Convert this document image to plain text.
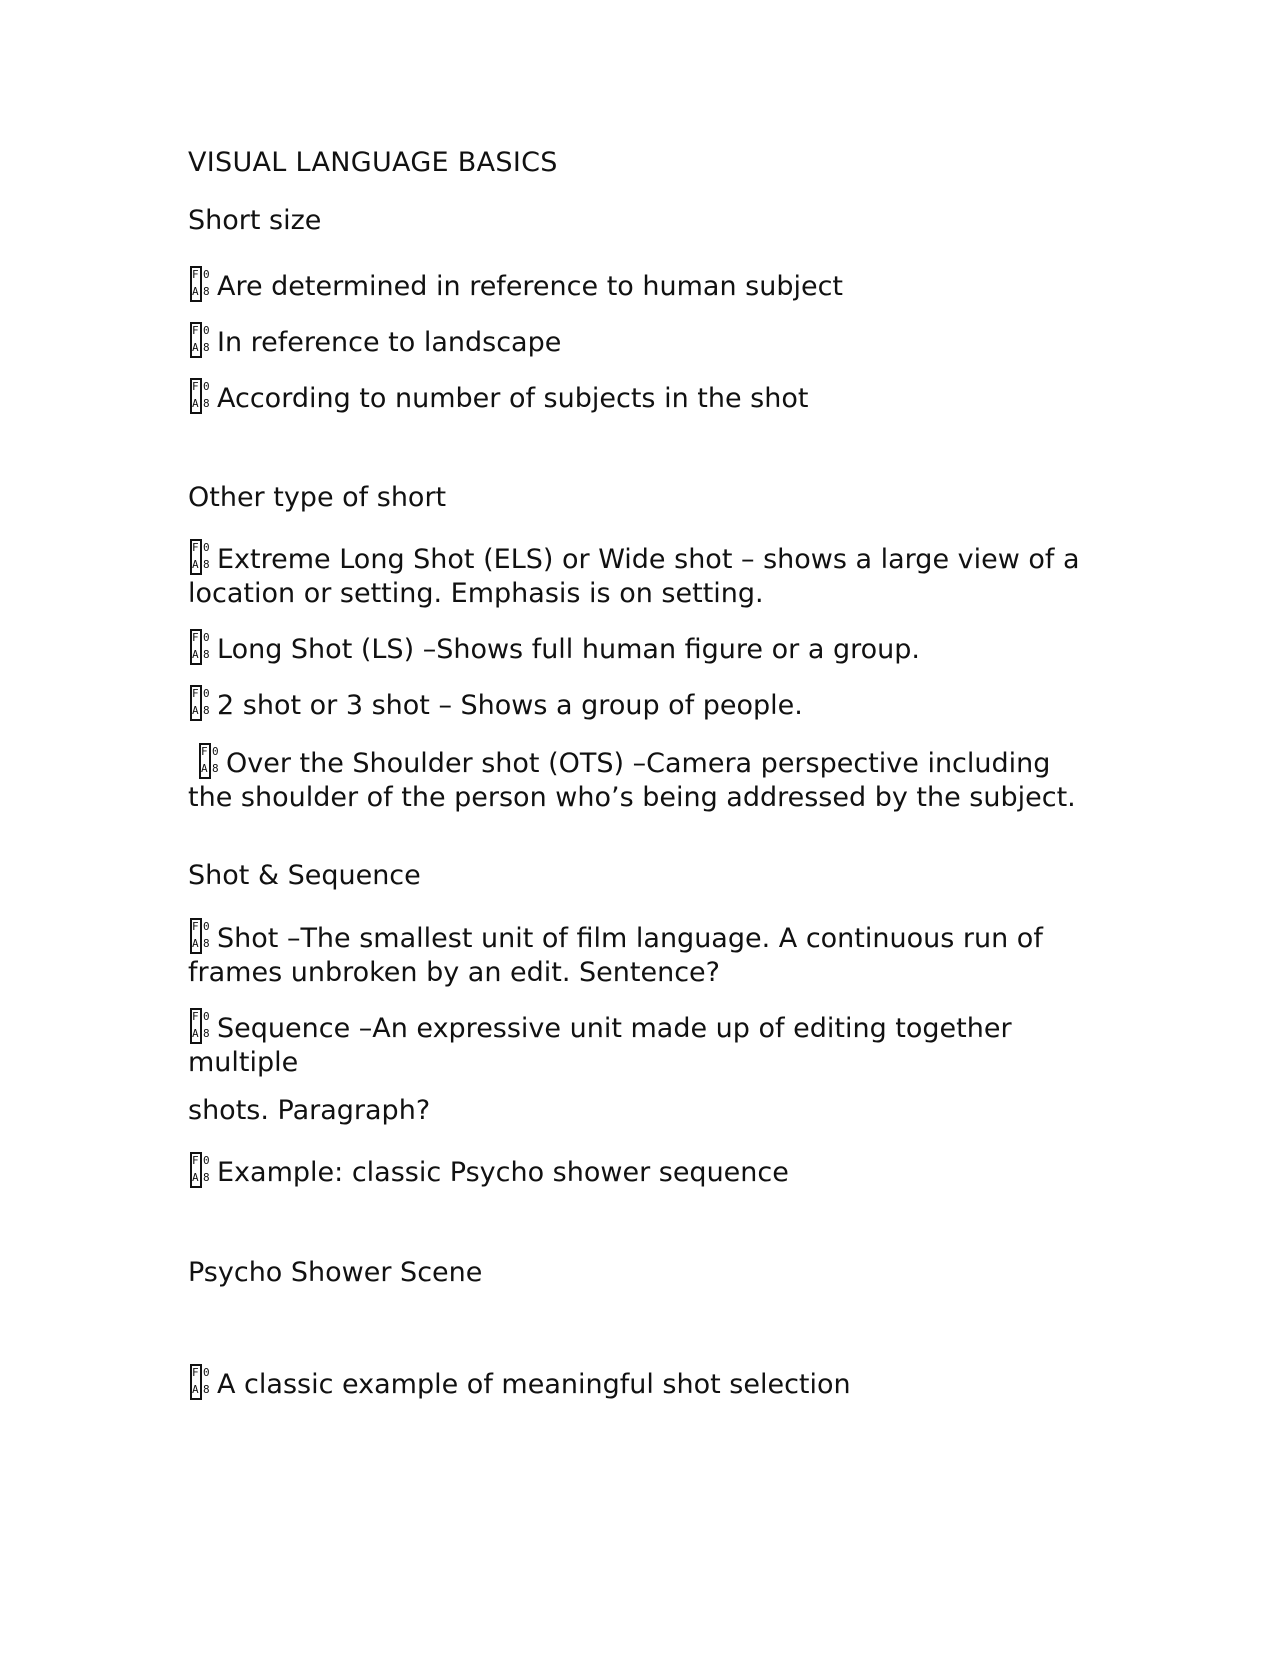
VISUAL LANGUAGE BASICS

Short size

F 0
A 8 Are determined in reference to human subject

F 0
A 8 In reference to landscape

F 0
A 8 According to number of subjects in the shot

Other type of short

F 0
A 8 Extreme Long Shot (ELS) or Wide shot – shows a large view of a location or setting. Emphasis is on setting.

F 0
A 8 Long Shot (LS) –Shows full human figure or a group.

F 0
A 8 2 shot or 3 shot – Shows a group of people.

F 0
A 8 Over the Shoulder shot (OTS) –Camera perspective including the shoulder of the person who’s being addressed by the subject.

Shot & Sequence

F 0
A 8 Shot –The smallest unit of film language. A continuous run of frames unbroken by an edit. Sentence?

F 0
A 8 Sequence –An expressive unit made up of editing together multiple

shots. Paragraph?

F 0
A 8 Example: classic Psycho shower sequence

Psycho Shower Scene

F 0
A 8 A classic example of meaningful shot selection
